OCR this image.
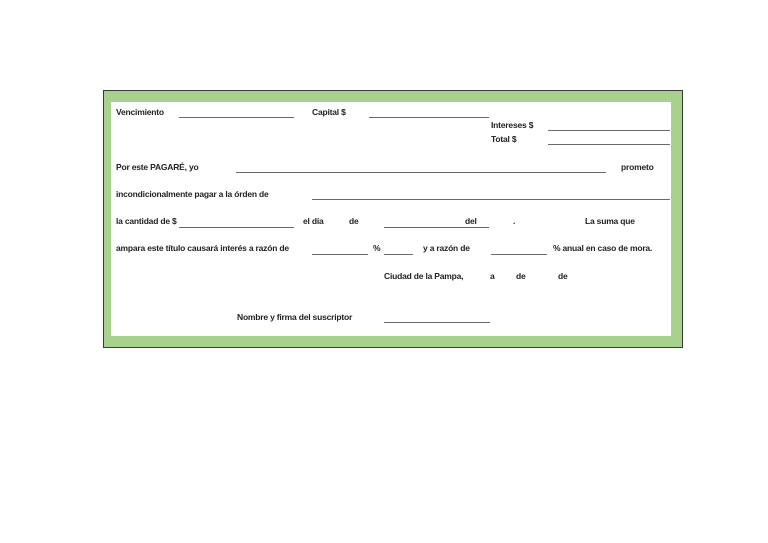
Vencimiento	Capital $
Intereses $
Total $
Por este PAGARÉ, yo	prometo
incondicionalmente pagar a la órden de
la cantidad de $	el día	de	del	.	La suma que
ampara este título causará interés a razón de	%	y a razón de	% anual en caso de mora.
Ciudad de la Pampa,	a	de	de
Nombre y firma del suscriptor
